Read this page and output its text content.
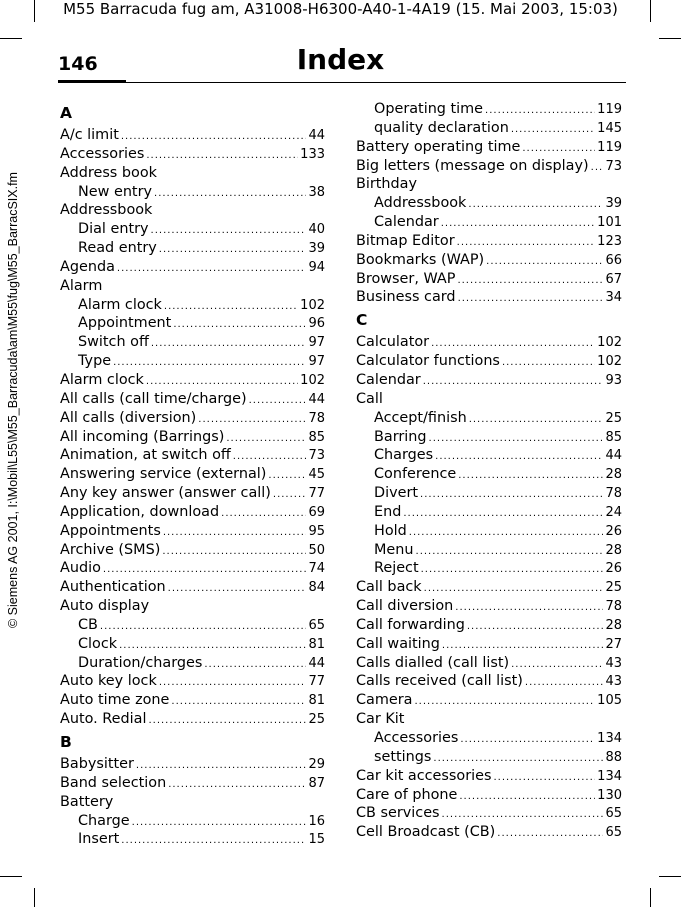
M55 Barracuda fug am, A31008-H6300-A40-1-4A19 (15. Mai 2003, 15:03)
© Siemens AG 2001, I:\Mobil\L55\M55_Barracuda\am\M55\fug\M55_BarracSIX.fm
146	Index
A
A/c limit .....	44
Accessories .....	133
Address book
New entry .....	38
Addressbook
Dial entry .....	40
Read entry .....	39
Agenda .....	94
Alarm
Alarm clock .....	102
Appointment .....	96
Switch off .....	97
Type .....	97
Alarm clock .....	102
All calls (call time/charge) .....	44
All calls (diversion) .....	78
All incoming (Barrings) .....	85
Animation, at switch off .....	73
Answering service (external) .....	45
Any key answer (answer call) .....	77
Application, download .....	69
Appointments .....	95
Archive (SMS) .....	50
Audio .....	74
Authentication .....	84
Auto display
CB .....	65
Clock .....	81
Duration/charges .....	44
Auto key lock .....	77
Auto time zone .....	81
Auto. Redial .....	25
B
Babysitter .....	29
Band selection .....	87
Battery
Charge .....	16
Insert .....	15
Operating time .....	119
quality declaration .....	145
Battery operating time .....	119
Big letters (message on display) ..... 73
Birthday
Addressbook .....	39
Calendar .....	101
Bitmap Editor .....	123
Bookmarks (WAP) .....	66
Browser, WAP .....	67
Business card .....	34
C
Calculator .....	102
Calculator functions .....	102
Calendar .....	93
Call
Accept/finish .....	25
Barring .....	85
Charges .....	44
Conference .....	28
Divert .....	78
End .....	24
Hold .....	26
Menu .....	28
Reject .....	26
Call back .....	25
Call diversion .....	78
Call forwarding .....	28
Call waiting .....	27
Calls dialled (call list) .....	43
Calls received (call list) .....	43
Camera .....	105
Car Kit
Accessories .....	134
settings .....	88
Car kit accessories .....	134
Care of phone .....	130
CB services .....	65
Cell Broadcast (CB) .....	65
